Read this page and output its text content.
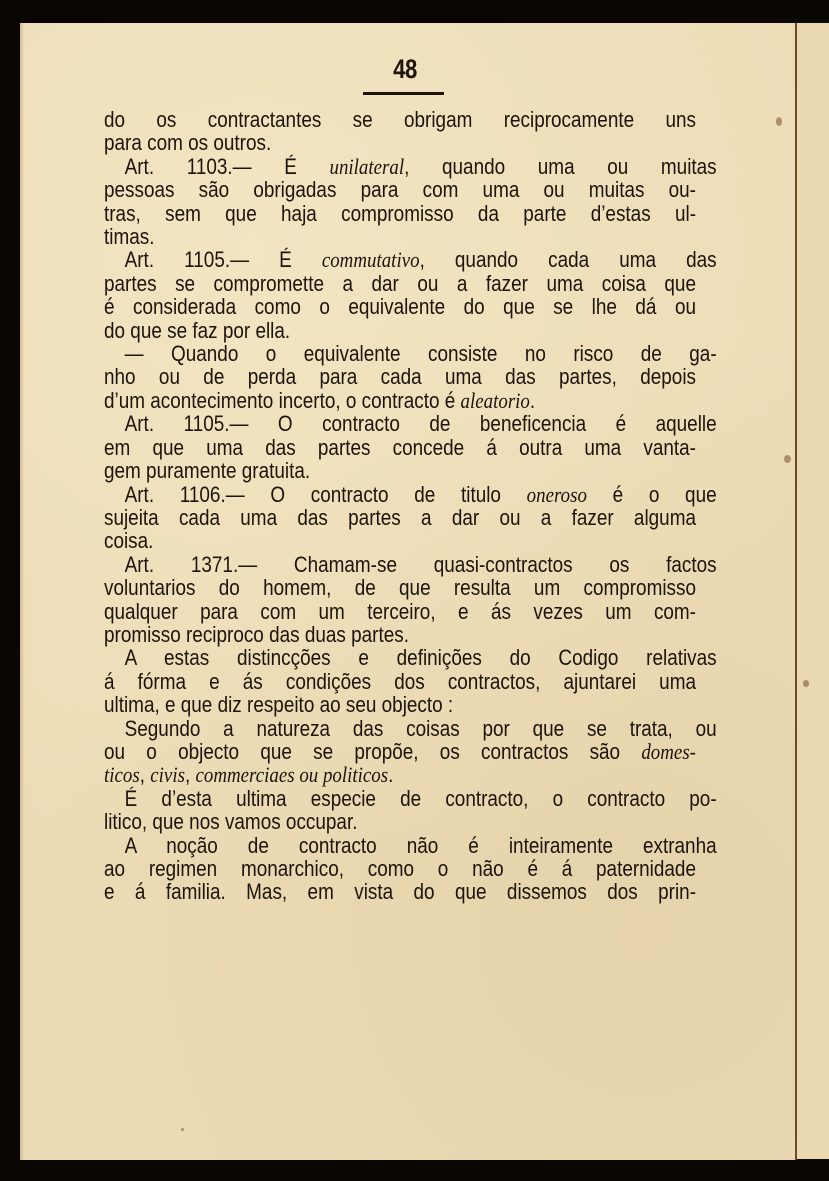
48
do os contractantes se obrigam reciprocamente uns
para com os outros.
Art. 1103.— É unilateral, quando uma ou muitas
pessoas são obrigadas para com uma ou muitas ou-
tras, sem que haja compromisso da parte d’estas ul-
timas.
Art. 1105.— É commutativo, quando cada uma das
partes se compromette a dar ou a fazer uma coisa que
é considerada como o equivalente do que se lhe dá ou
do que se faz por ella.
— Quando o equivalente consiste no risco de ga-
nho ou de perda para cada uma das partes, depois
d’um acontecimento incerto, o contracto é aleatorio.
Art. 1105.— O contracto de beneficencia é aquelle
em que uma das partes concede á outra uma vanta-
gem puramente gratuita.
Art. 1106.— O contracto de titulo oneroso é o que
sujeita cada uma das partes a dar ou a fazer alguma
coisa.
Art. 1371.— Chamam-se quasi-contractos os factos
voluntarios do homem, de que resulta um compromisso
qualquer para com um terceiro, e ás vezes um com-
promisso reciproco das duas partes.
A estas distincções e definições do Codigo relativas
á fórma e ás condições dos contractos, ajuntarei uma
ultima, e que diz respeito ao seu objecto :
Segundo a natureza das coisas por que se trata, ou
ou o objecto que se propõe, os contractos são domes-
ticos, civis, commerciaes ou politicos.
É d’esta ultima especie de contracto, o contracto po-
litico, que nos vamos occupar.
A noção de contracto não é inteiramente extranha
ao regimen monarchico, como o não é á paternidade
e á familia. Mas, em vista do que dissemos dos prin-
